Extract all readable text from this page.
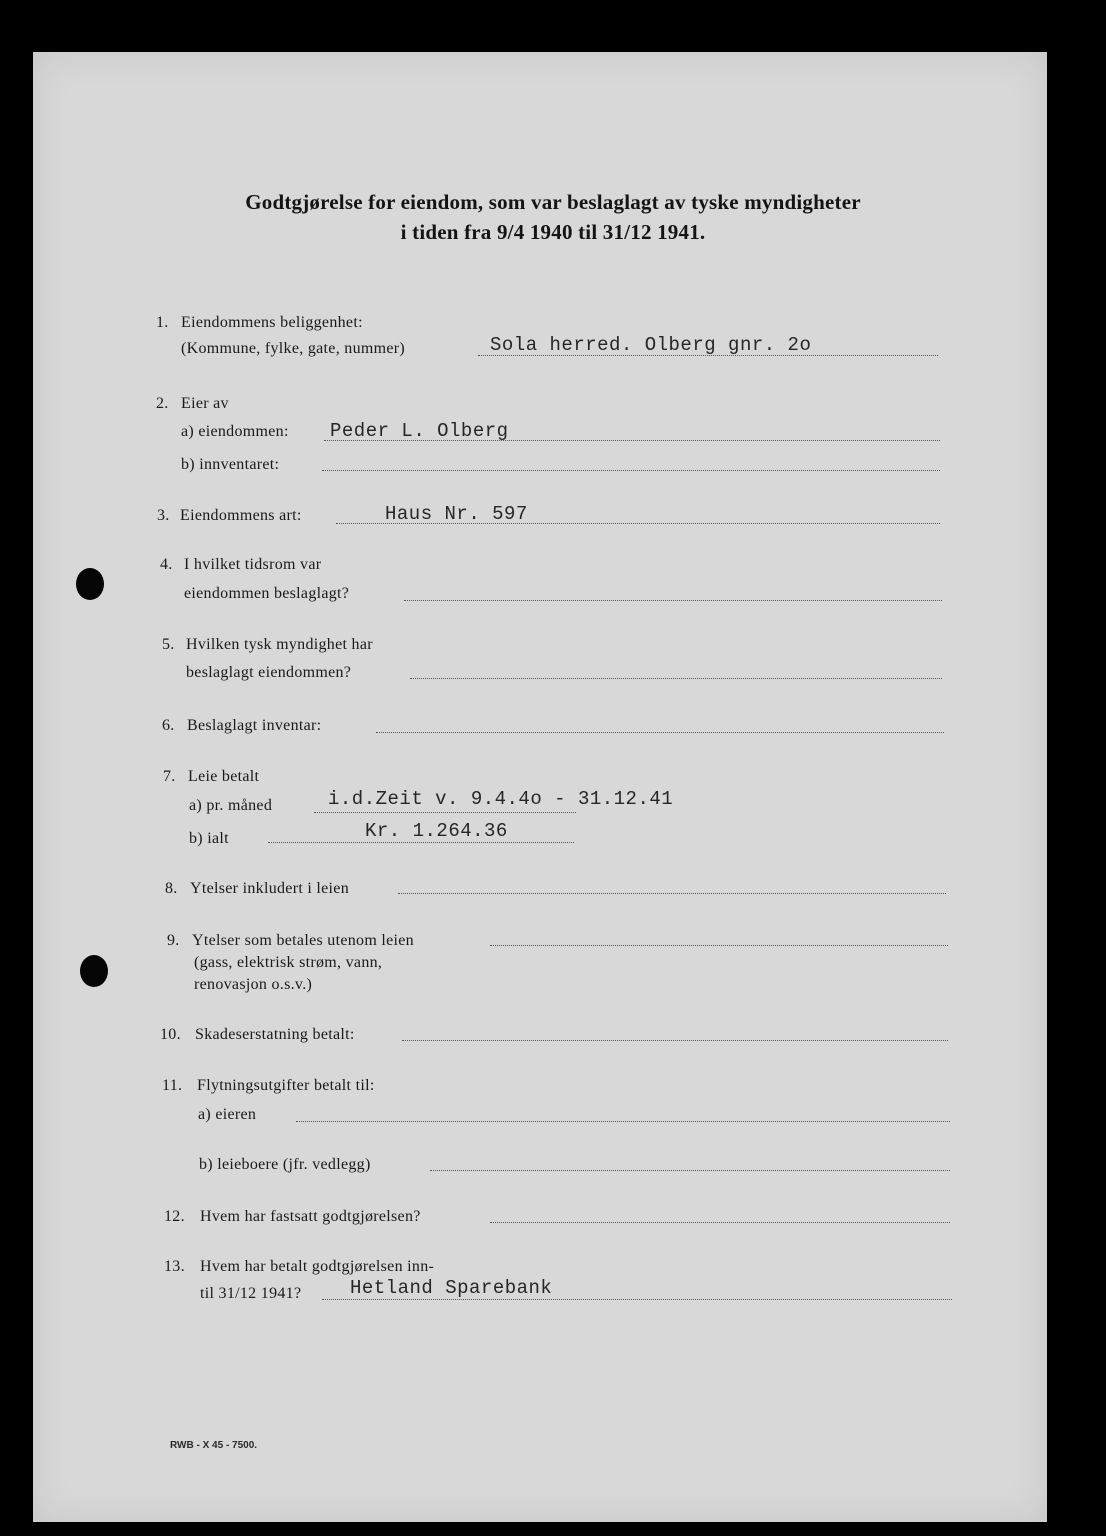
Godtgjørelse for eiendom, som var beslaglagt av tyske myndigheter
i tiden fra 9/4 1940 til 31/12 1941.
1. Eiendommens beliggenhet:
(Kommune, fylke, gate, nummer)	Sola herred. Olberg gnr. 2o
2. Eier av
a) eiendommen: Peder L. Olberg
b) innventaret:
3. Eiendommens art:	Haus Nr. 597
4. I hvilket tidsrom var
eiendommen beslaglagt?
5. Hvilken tysk myndighet har
beslaglagt eiendommen?
6. Beslaglagt inventar:
7. Leie betalt
a) pr. måned	i.d.Zeit v. 9.4.4o - 31.12.41
b) ialt	Kr. 1.264.36
8. Ytelser inkludert i leien
9. Ytelser som betales utenom leien
(gass, elektrisk strøm, vann,
renovasjon o.s.v.)
10. Skadeserstatning betalt:
11. Flytningsutgifter betalt til:
a) eieren
b) leieboere (jfr. vedlegg)
12. Hvem har fastsatt godtgjørelsen?
13. Hvem har betalt godtgjørelsen inn-
til 31/12 1941?	Hetland Sparebank
RWB - X 45 - 7500.
